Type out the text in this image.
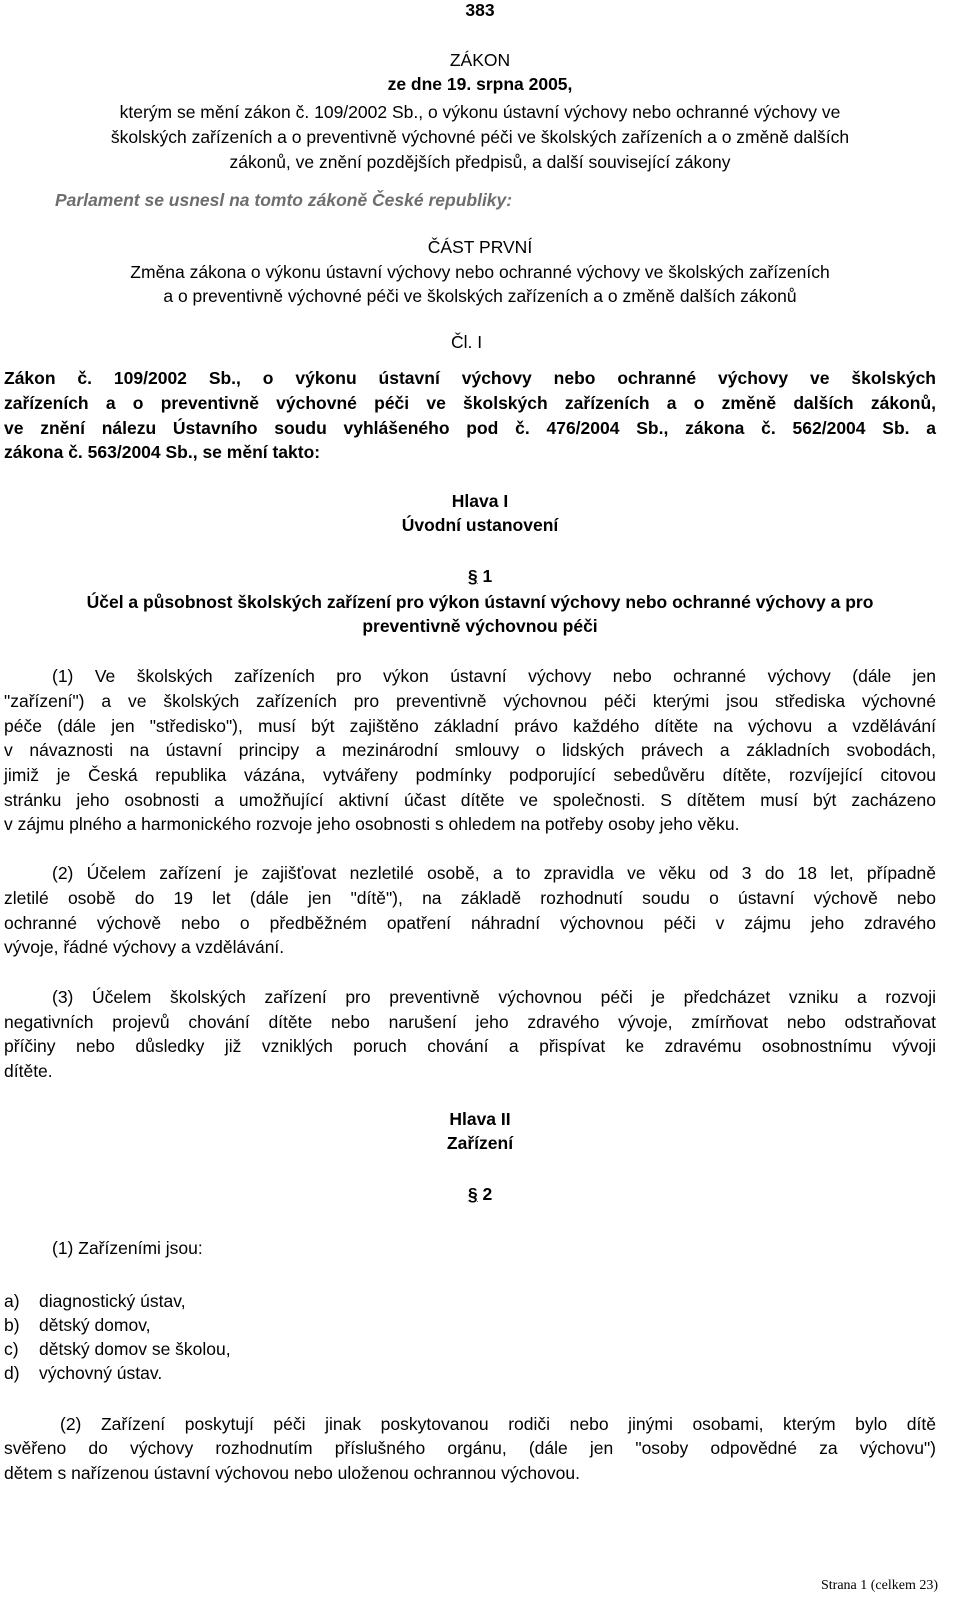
383
ZÁKON
ze dne 19. srpna 2005,
kterým se mění zákon č. 109/2002 Sb., o výkonu ústavní výchovy nebo ochranné výchovy ve
školských zařízeních a o preventivně výchovné péči ve školských zařízeních a o změně dalších
zákonů, ve znění pozdějších předpisů, a další související zákony
Parlament se usnesl na tomto zákoně České republiky:
ČÁST PRVNÍ
Změna zákona o výkonu ústavní výchovy nebo ochranné výchovy ve školských zařízeních
a o preventivně výchovné péči ve školských zařízeních a o změně dalších zákonů
Čl. I
Zákon č. 109/2002 Sb., o výkonu ústavní výchovy nebo ochranné výchovy ve školských
zařízeních a o preventivně výchovné péči ve školských zařízeních a o změně dalších zákonů,
ve znění nálezu Ústavního soudu vyhlášeného pod č. 476/2004 Sb., zákona č. 562/2004 Sb. a
zákona č. 563/2004 Sb., se mění takto:
Hlava I
Úvodní ustanovení
§ 1
Účel a působnost školských zařízení pro výkon ústavní výchovy nebo ochranné výchovy a pro
preventivně výchovnou péči
(1) Ve školských zařízeních pro výkon ústavní výchovy nebo ochranné výchovy (dále jen
"zařízení") a ve školských zařízeních pro preventivně výchovnou péči kterými jsou střediska výchovné
péče (dále jen "středisko"), musí být zajištěno základní právo každého dítěte na výchovu a vzdělávání
v návaznosti na ústavní principy a mezinárodní smlouvy o lidských právech a základních svobodách,
jimiž je Česká republika vázána, vytvářeny podmínky podporující sebedůvěru dítěte, rozvíjející citovou
stránku jeho osobnosti a umožňující aktivní účast dítěte ve společnosti. S dítětem musí být zacházeno
v zájmu plného a harmonického rozvoje jeho osobnosti s ohledem na potřeby osoby jeho věku.
(2) Účelem zařízení je zajišťovat nezletilé osobě, a to zpravidla ve věku od 3 do 18 let, případně
zletilé osobě do 19 let (dále jen "dítě"), na základě rozhodnutí soudu o ústavní výchově nebo
ochranné výchově nebo o předběžném opatření náhradní výchovnou péči v zájmu jeho zdravého
vývoje, řádné výchovy a vzdělávání.
(3) Účelem školských zařízení pro preventivně výchovnou péči je předcházet vzniku a rozvoji
negativních projevů chování dítěte nebo narušení jeho zdravého vývoje, zmírňovat nebo odstraňovat
příčiny nebo důsledky již vzniklých poruch chování a přispívat ke zdravému osobnostnímu vývoji
dítěte.
Hlava II
Zařízení
§ 2
(1) Zařízeními jsou:
a) diagnostický ústav,
b) dětský domov,
c) dětský domov se školou,
d) výchovný ústav.
(2) Zařízení poskytují péči jinak poskytovanou rodiči nebo jinými osobami, kterým bylo dítě
svěřeno do výchovy rozhodnutím příslušného orgánu, (dále jen "osoby odpovědné za výchovu")
dětem s nařízenou ústavní výchovou nebo uloženou ochrannou výchovou.
Strana 1 (celkem 23)
